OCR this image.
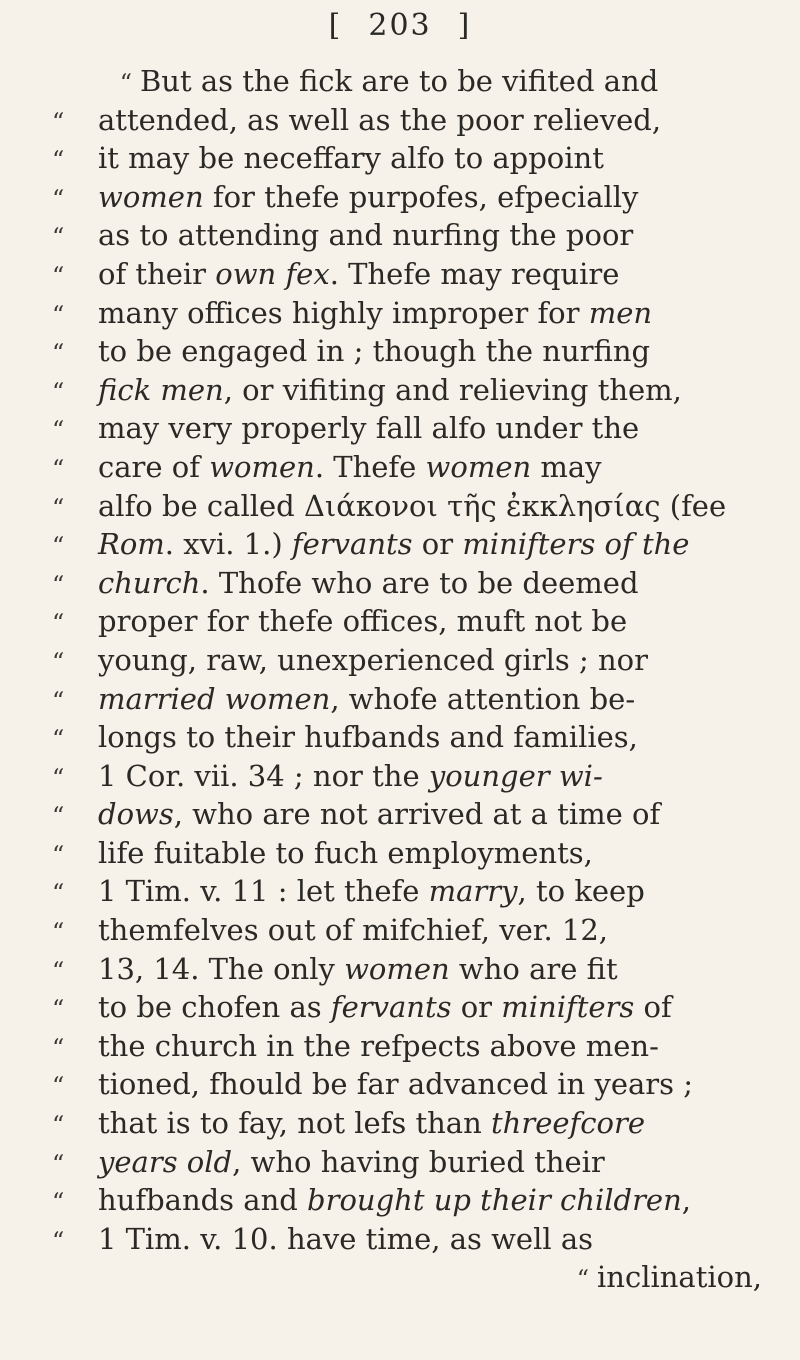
[ 203 ]
“ But as the fick are to be vifited and
“ attended, as well as the poor relieved,
“ it may be neceffary alfo to appoint
“ women for thefe purpofes, efpecially
“ as to attending and nurfing the poor
“ of their own fex. Thefe may require
“ many offices highly improper for men
“ to be engaged in ; though the nurfing
“ fick men, or vifiting and relieving them,
“ may very properly fall alfo under the
“ care of women. Thefe women may
“ alfo be called Διάκονοι τῆς ἐκκλησίας (fee
“ Rom. xvi. 1.) fervants or minifters of the
“ church. Thofe who are to be deemed
“ proper for thefe offices, muft not be
“ young, raw, unexperienced girls ; nor
“ married women, whofe attention be-
“ longs to their hufbands and families,
“ 1 Cor. vii. 34 ; nor the younger wi-
“ dows, who are not arrived at a time of
“ life fuitable to fuch employments,
“ 1 Tim. v. 11 : let thefe marry, to keep
“ themfelves out of mifchief, ver. 12,
“ 13, 14. The only women who are fit
“ to be chofen as fervants or minifters of
“ the church in the refpects above men-
“ tioned, fhould be far advanced in years ;
“ that is to fay, not lefs than threefcore
“ years old, who having buried their
“ hufbands and brought up their children,
“ 1 Tim. v. 10. have time, as well as
“ inclination,
